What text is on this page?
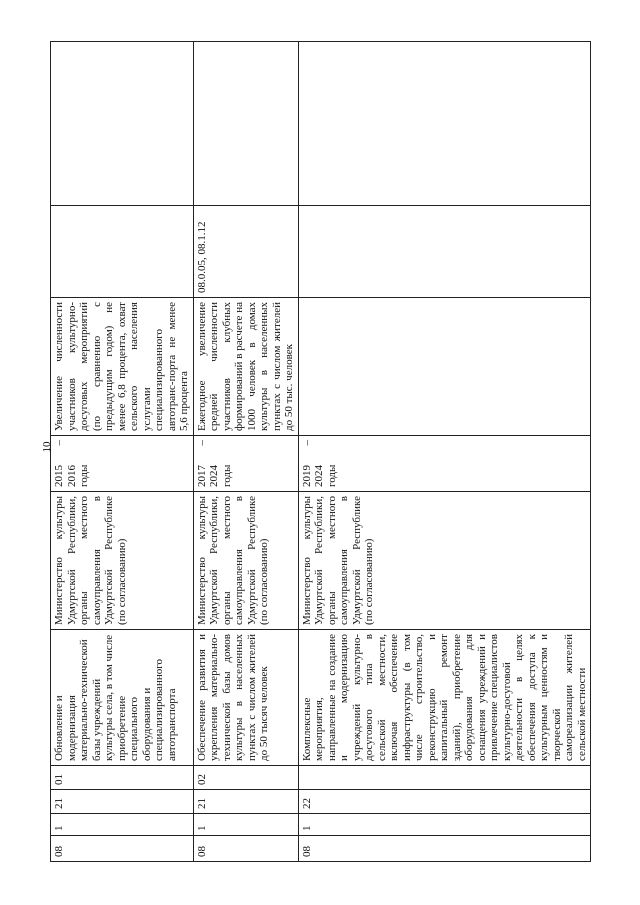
10
08	1	21	01	Обновление и модернизация материально-технической базы учреждений культуры села, в том числе приобретение специального оборудования и специализированного автотранспорта	Министерство культуры Удмуртской Республики, органы местного самоуправления в Удмуртской Республике (по согласованию)	2015 – 2016 годы	Увеличение численности участников культурно-досуговых мероприятий (по сравнению с предыдущим годом) не менее 6,8 процента, охват сельского населения услугами специализированного автотранс-порта не менее 5,6 процента		
08	1	21	02	Обеспечение развития и укрепления материально-технической базы домов культуры в населенных пунктах с числом жителей до 50 тысяч человек	Министерство культуры Удмуртской Республики, органы местного самоуправления в Удмуртской Республике (по согласованию)	2017 – 2024 годы	Ежегодное увеличение средней численности участников клубных формирований в расчете на 1000 человек в домах культуры в населенных пунктах с числом жителей до 50 тыс. человек	08.0.05, 08.1.12	
08	1	22		Комплексные мероприятия, направленные на создание и модернизацию учреждений культурно-досугового типа в сельской местности, включая обеспечение инфраструктуры (в том числе строительство, реконструкцию и капитальный ремонт зданий), приобретение оборудования для оснащения учреждений и привлечение специалистов культурно-досуговой деятельности в целях обеспечения доступа к культурным ценностям и творческой самореализации жителей сельской местности	Министерство культуры Удмуртской Республики, органы местного самоуправления в Удмуртской Республике (по согласованию)	2019 – 2024 годы			
